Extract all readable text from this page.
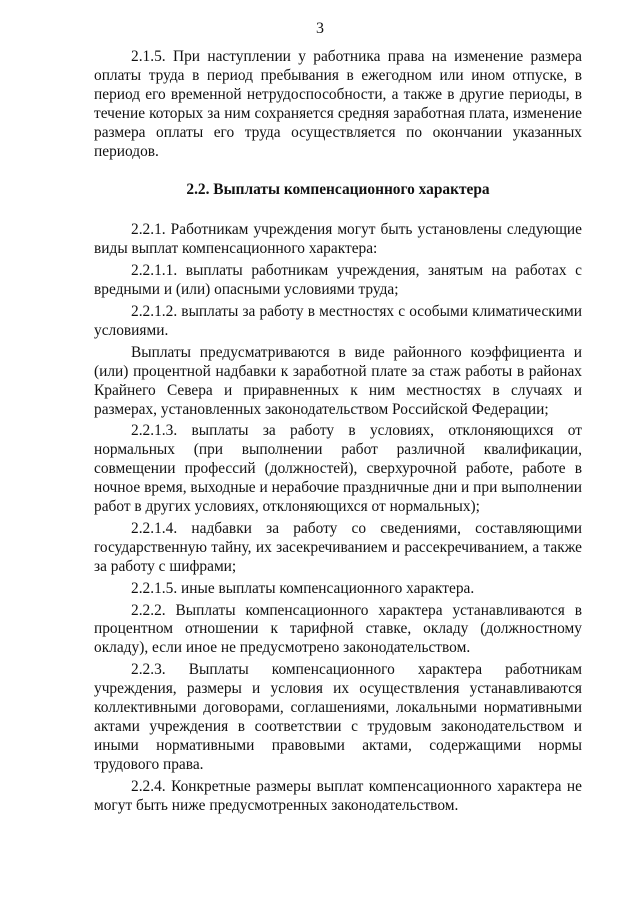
3

2.1.5. При наступлении у работника права на изменение размера оплаты труда в период пребывания в ежегодном или ином отпуске, в период его временной нетрудоспособности, а также в другие периоды, в течение которых за ним сохраняется средняя заработная плата, изменение размера оплаты его труда осуществляется по окончании указанных периодов.

2.2. Выплаты компенсационного характера

2.2.1. Работникам учреждения могут быть установлены следующие виды выплат компенсационного характера:

2.2.1.1. выплаты работникам учреждения, занятым на работах с вредными и (или) опасными условиями труда;

2.2.1.2. выплаты за работу в местностях с особыми климатическими условиями.

Выплаты предусматриваются в виде районного коэффициента и (или) процентной надбавки к заработной плате за стаж работы в районах Крайнего Севера и приравненных к ним местностях в случаях и размерах, установленных законодательством Российской Федерации;

2.2.1.3. выплаты за работу в условиях, отклоняющихся от нормальных (при выполнении работ различной квалификации, совмещении профессий (должностей), сверхурочной работе, работе в ночное время, выходные и нерабочие праздничные дни и при выполнении работ в других условиях, отклоняющихся от нормальных);

2.2.1.4. надбавки за работу со сведениями, составляющими государственную тайну, их засекречиванием и рассекречиванием, а также за работу с шифрами;

2.2.1.5. иные выплаты компенсационного характера.

2.2.2. Выплаты компенсационного характера устанавливаются в процентном отношении к тарифной ставке, окладу (должностному окладу), если иное не предусмотрено законодательством.

2.2.3. Выплаты компенсационного характера работникам учреждения, размеры и условия их осуществления устанавливаются коллективными договорами, соглашениями, локальными нормативными актами учреждения в соответствии с трудовым законодательством и иными нормативными правовыми актами, содержащими нормы трудового права.

2.2.4. Конкретные размеры выплат компенсационного характера не могут быть ниже предусмотренных законодательством.
